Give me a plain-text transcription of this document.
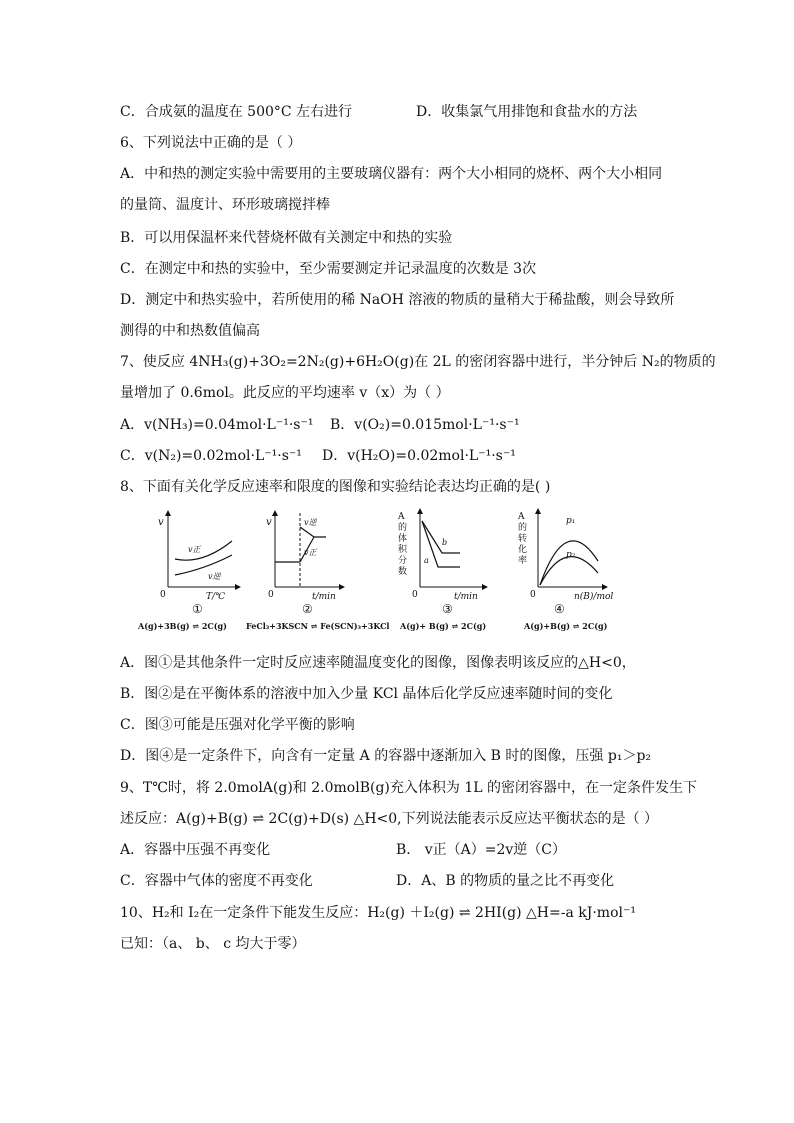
C．合成氨的温度在 500°C 左右进行	D．收集氯气用排饱和食盐水的方法
6、下列说法中正确的是（ ）
A．中和热的测定实验中需要用的主要玻璃仪器有：两个大小相同的烧杯、两个大小相同
的量筒、温度计、环形玻璃搅拌棒
B．可以用保温杯来代替烧杯做有关测定中和热的实验
C．在测定中和热的实验中，至少需要测定并记录温度的次数是 3次
D．测定中和热实验中，若所使用的稀 NaOH 溶液的物质的量稍大于稀盐酸，则会导致所
测得的中和热数值偏高
7、使反应 4NH₃(g)+3O₂=2N₂(g)+6H₂O(g)在 2L 的密闭容器中进行，半分钟后 N₂的物质的
量增加了 0.6mol。此反应的平均速率 v（x）为（ ）
A．v(NH₃)=0.04mol·L⁻¹·s⁻¹ B．v(O₂)=0.015mol·L⁻¹·s⁻¹
C．v(N₂)=0.02mol·L⁻¹·s⁻¹ D．v(H₂O)=0.02mol·L⁻¹·s⁻¹
8、下面有关化学反应速率和限度的图像和实验结论表达均正确的是( )
v
v正
v逆
0	T/℃
①
A(g)+3B(g) ⇌ 2C(g)
v	v逆
v正
0	t/min
②
FeCl₃+3KSCN ⇌ Fe(SCN)₃+3KCl
A
的
体
积
分
数
a
b
0	t/min
③
A(g)+ B(g) ⇌ 2C(g)
A
的
转
化
率
p₁
p₂
0	n(B)/mol
④
A(g)+B(g) ⇌ 2C(g)
A．图①是其他条件一定时反应速率随温度变化的图像，图像表明该反应的△H<0，
B．图②是在平衡体系的溶液中加入少量 KCl 晶体后化学反应速率随时间的变化
C．图③可能是压强对化学平衡的影响
D．图④是一定条件下，向含有一定量 A 的容器中逐渐加入 B 时的图像，压强 p₁＞p₂
9、T℃时，将 2.0molA(g)和 2.0molB(g)充入体积为 1L 的密闭容器中，在一定条件发生下
述反应：A(g)+B(g) ⇌ 2C(g)+D(s) △H<0,下列说法能表示反应达平衡状态的是（ ）
A．容器中压强不再变化	B． v正（A）=2v逆（C）
C．容器中气体的密度不再变化	D．A、B 的物质的量之比不再变化
10、H₂和 I₂在一定条件下能发生反应：H₂(g) ＋I₂(g) ⇌ 2HI(g) △H=-a kJ·mol⁻¹
已知：（a、 b、 c 均大于零）
